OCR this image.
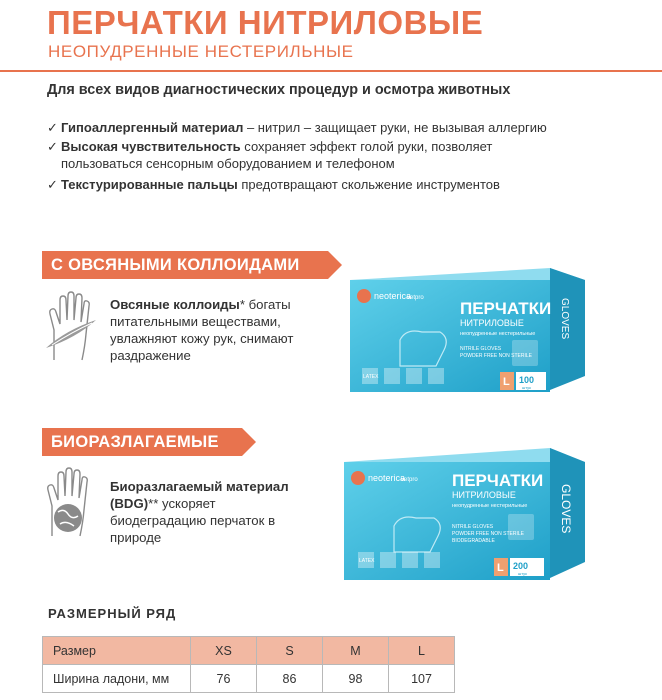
ПЕРЧАТКИ НИТРИЛОВЫЕ
НЕОПУДРЕННЫЕ НЕСТЕРИЛЬНЫЕ
Для всех видов диагностических процедур и осмотра животных
✓ Гипоаллергенный материал – нитрил – защищает руки, не вызывая аллергию
✓ Высокая чувствительность сохраняет эффект голой руки, позволяет
пользоваться сенсорным оборудованием и телефоном
✓ Текстурированные пальцы предотвращают скольжение инструментов
С ОВСЯНЫМИ КОЛЛОИДАМИ
Овсяные коллоиды* богаты питательными веществами, увлажняют кожу рук, снимают раздражение
neoterica
vetpro
ПЕРЧАТКИ
НИТРИЛОВЫЕ
неопудренные нестерильные
NITRILE GLOVES
POWDER FREE NON STERILE
LATEX	L 100
штук
GLOVES
БИОРАЗЛАГАЕМЫЕ
Биоразлагаемый материал (BDG)** ускоряет биодеградацию перчаток в природе
neoterica
vetpro ПЕРЧАТКИ
НИТРИЛОВЫЕ
неопудренные нестерильные
NITRILE GLOVES
POWDER FREE NON STERILE
BIODEGRADABLE
LATEX
L 200
штук
GLOVES
РАЗМЕРНЫЙ РЯД
Размер	XS	S	M	L
Ширина ладони, мм	76	86	98	107
